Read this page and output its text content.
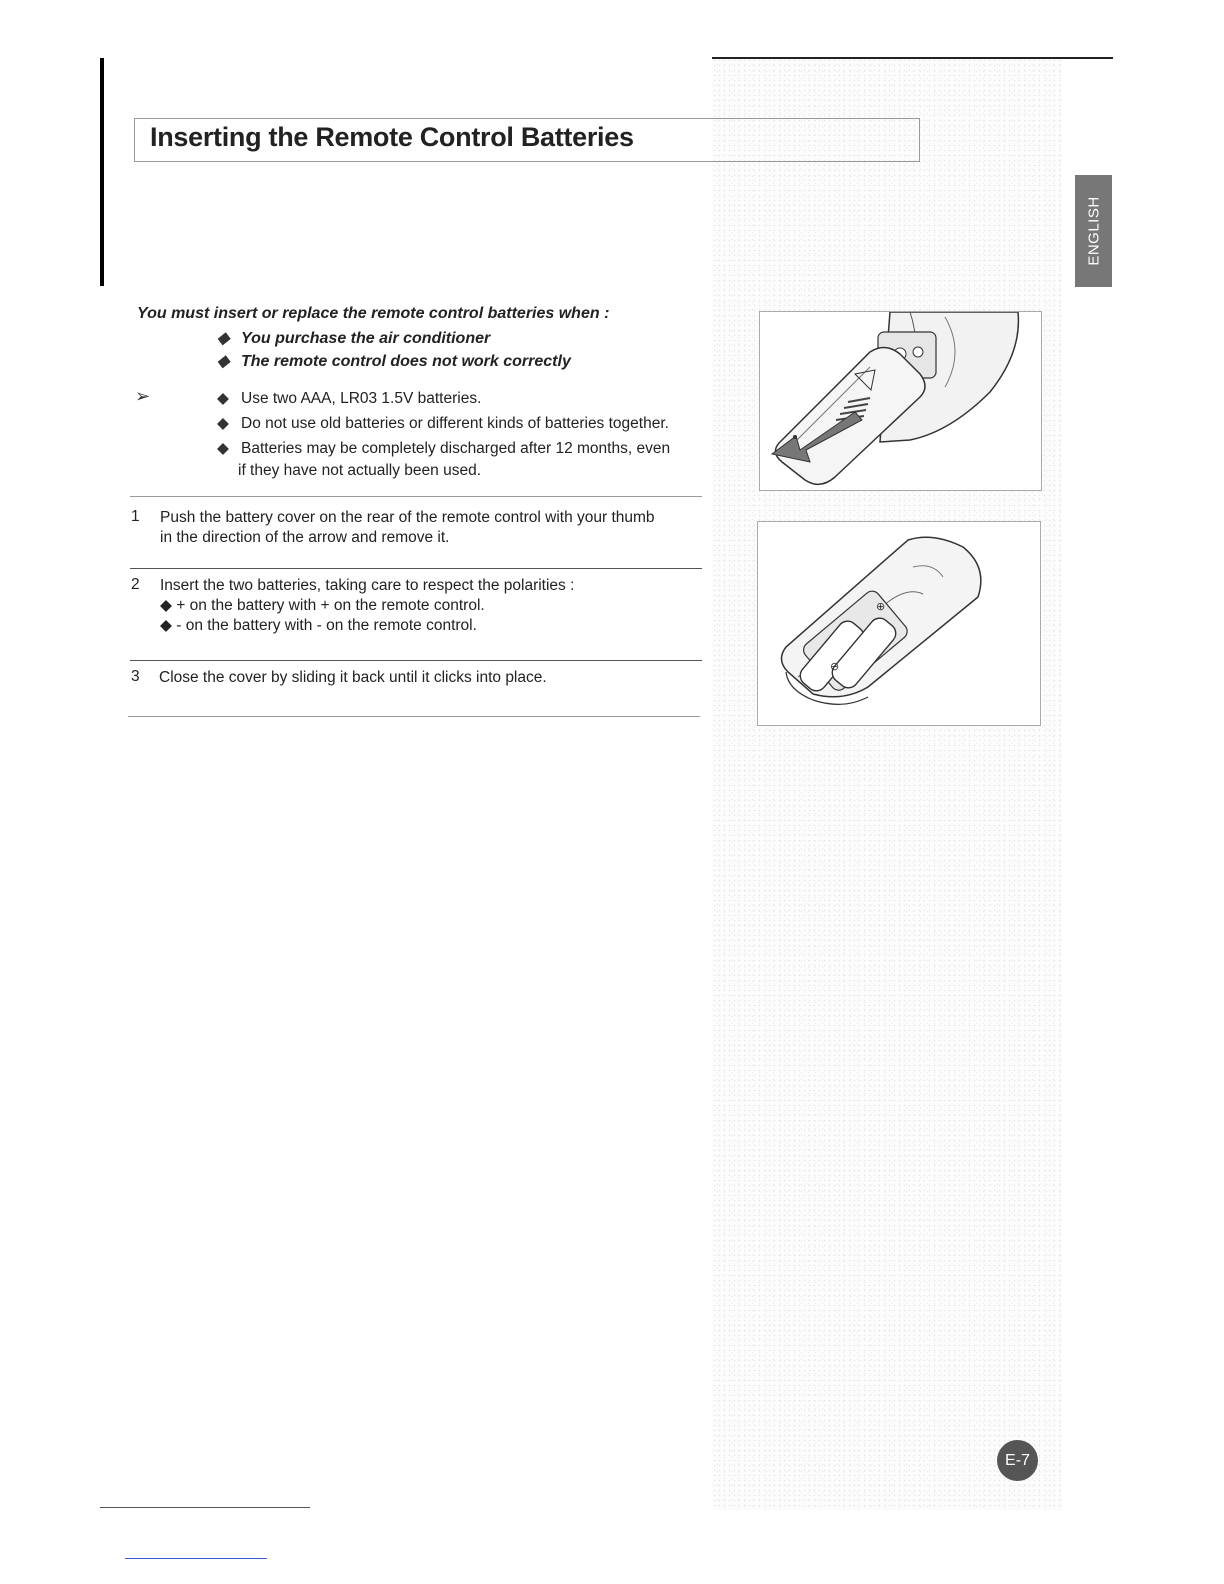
Inserting the Remote Control Batteries
ENGLISH
You must insert or replace the remote control batteries when :
◆ You purchase the air conditioner
◆ The remote control does not work correctly
➢	◆ Use two AAA, LR03 1.5V batteries.
◆ Do not use old batteries or different kinds of batteries together.
◆ Batteries may be completely discharged after 12 months, even
if they have not actually been used.
1 Push the battery cover on the rear of the remote control with your thumb
in the direction of the arrow and remove it.
2 Insert the two batteries, taking care to respect the polarities :
◆ + on the battery with + on the remote control.
◆ - on the battery with - on the remote control.
3 Close the cover by sliding it back until it clicks into place.
⊖
⊕
E-7
